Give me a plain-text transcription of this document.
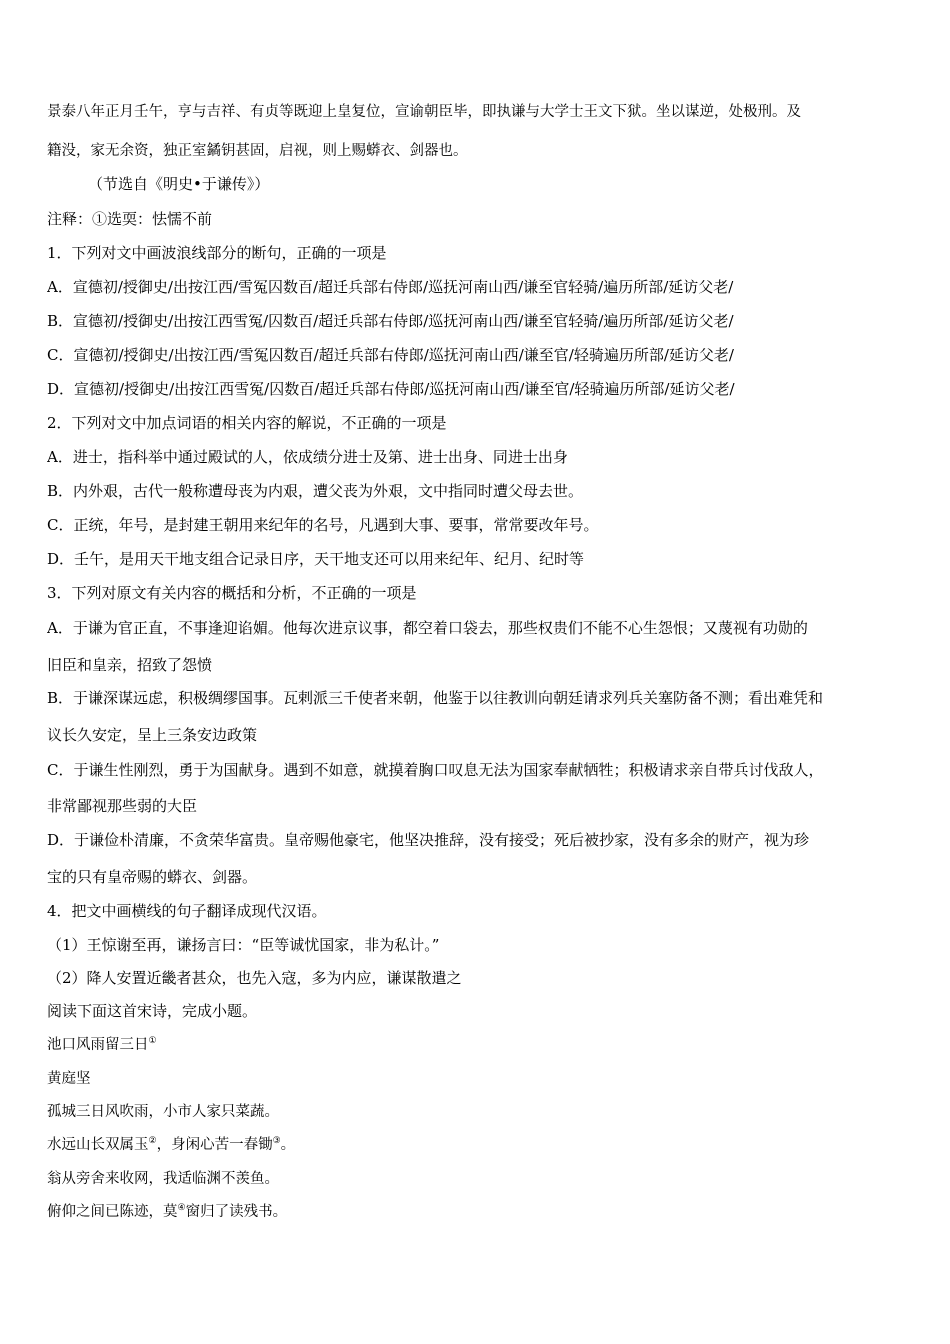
景泰八年正月壬午，亨与吉祥、有贞等既迎上皇复位，宣谕朝臣毕，即执谦与大学士王文下狱。坐以谋逆，处极刑。及
籍没，家无余资，独正室鐍钥甚固，启视，则上赐蟒衣、剑器也。
（节选自《明史•于谦传》）
注释：①选耎：怯懦不前
1．下列对文中画波浪线部分的断句，正确的一项是
A．宣德初/授御史/出按江西/雪冤囚数百/超迁兵部右侍郎/巡抚河南山西/谦至官轻骑/遍历所部/延访父老/
B．宣德初/授御史/出按江西雪冤/囚数百/超迁兵部右侍郎/巡抚河南山西/谦至官轻骑/遍历所部/延访父老/
C．宣德初/授御史/出按江西/雪冤囚数百/超迁兵部右侍郎/巡抚河南山西/谦至官/轻骑遍历所部/延访父老/
D．宣德初/授御史/出按江西雪冤/囚数百/超迁兵部右侍郎/巡抚河南山西/谦至官/轻骑遍历所部/延访父老/
2．下列对文中加点词语的相关内容的解说，不正确的一项是
A．进士，指科举中通过殿试的人，依成绩分进士及第、进士出身、同进士出身
B．内外艰，古代一般称遭母丧为内艰，遭父丧为外艰，文中指同时遭父母去世。
C．正统，年号，是封建王朝用来纪年的名号，凡遇到大事、要事，常常要改年号。
D．壬午，是用天干地支组合记录日序，天干地支还可以用来纪年、纪月、纪时等
3．下列对原文有关内容的概括和分析，不正确的一项是
A．于谦为官正直，不事逢迎谄媚。他每次进京议事，都空着口袋去，那些权贵们不能不心生怨恨；又蔑视有功勋的
旧臣和皇亲，招致了怨愤
B．于谦深谋远虑，积极绸缪国事。瓦剌派三千使者来朝，他鉴于以往教训向朝廷请求列兵关塞防备不测；看出难凭和
议长久安定，呈上三条安边政策
C．于谦生性刚烈，勇于为国献身。遇到不如意，就摸着胸口叹息无法为国家奉献牺牲；积极请求亲自带兵讨伐敌人，
非常鄙视那些弱的大臣
D．于谦俭朴清廉，不贪荣华富贵。皇帝赐他豪宅，他坚决推辞，没有接受；死后被抄家，没有多余的财产，视为珍
宝的只有皇帝赐的蟒衣、剑器。
4．把文中画横线的句子翻译成现代汉语。
（1）王惊谢至再，谦扬言曰：“臣等诚忧国家，非为私计。”
（2）降人安置近畿者甚众，也先入寇，多为内应，谦谋散遣之
阅读下面这首宋诗，完成小题。
池口风雨留三日①
黄庭坚
孤城三日风吹雨，小市人家只菜蔬。
水远山长双属玉②，身闲心苦一春锄③。
翁从旁舍来收网，我适临渊不羡鱼。
俯仰之间已陈迹，莫④窗归了读残书。
